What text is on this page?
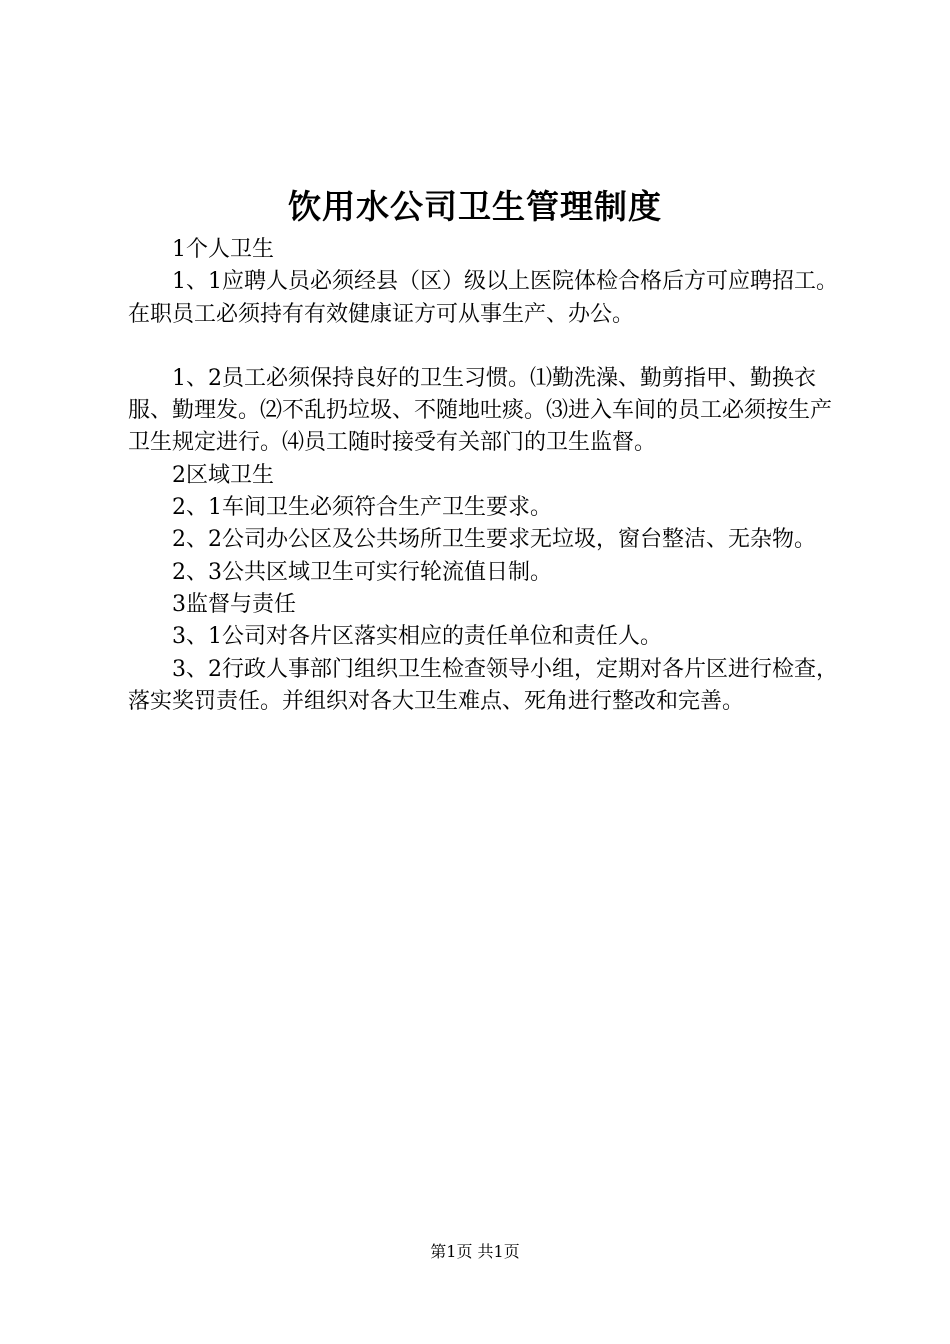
饮用水公司卫生管理制度

1个人卫生

1、1应聘人员必须经县（区）级以上医院体检合格后方可应聘招工。在职员工必须持有有效健康证方可从事生产、办公。

1、2员工必须保持良好的卫生习惯。⑴勤洗澡、勤剪指甲、勤换衣服、勤理发。⑵不乱扔垃圾、不随地吐痰。⑶进入车间的员工必须按生产卫生规定进行。⑷员工随时接受有关部门的卫生监督。

2区域卫生

2、1车间卫生必须符合生产卫生要求。

2、2公司办公区及公共场所卫生要求无垃圾，窗台整洁、无杂物。

2、3公共区域卫生可实行轮流值日制。

3监督与责任

3、1公司对各片区落实相应的责任单位和责任人。

3、2行政人事部门组织卫生检查领导小组，定期对各片区进行检查，落实奖罚责任。并组织对各大卫生难点、死角进行整改和完善。

第1页 共1页
